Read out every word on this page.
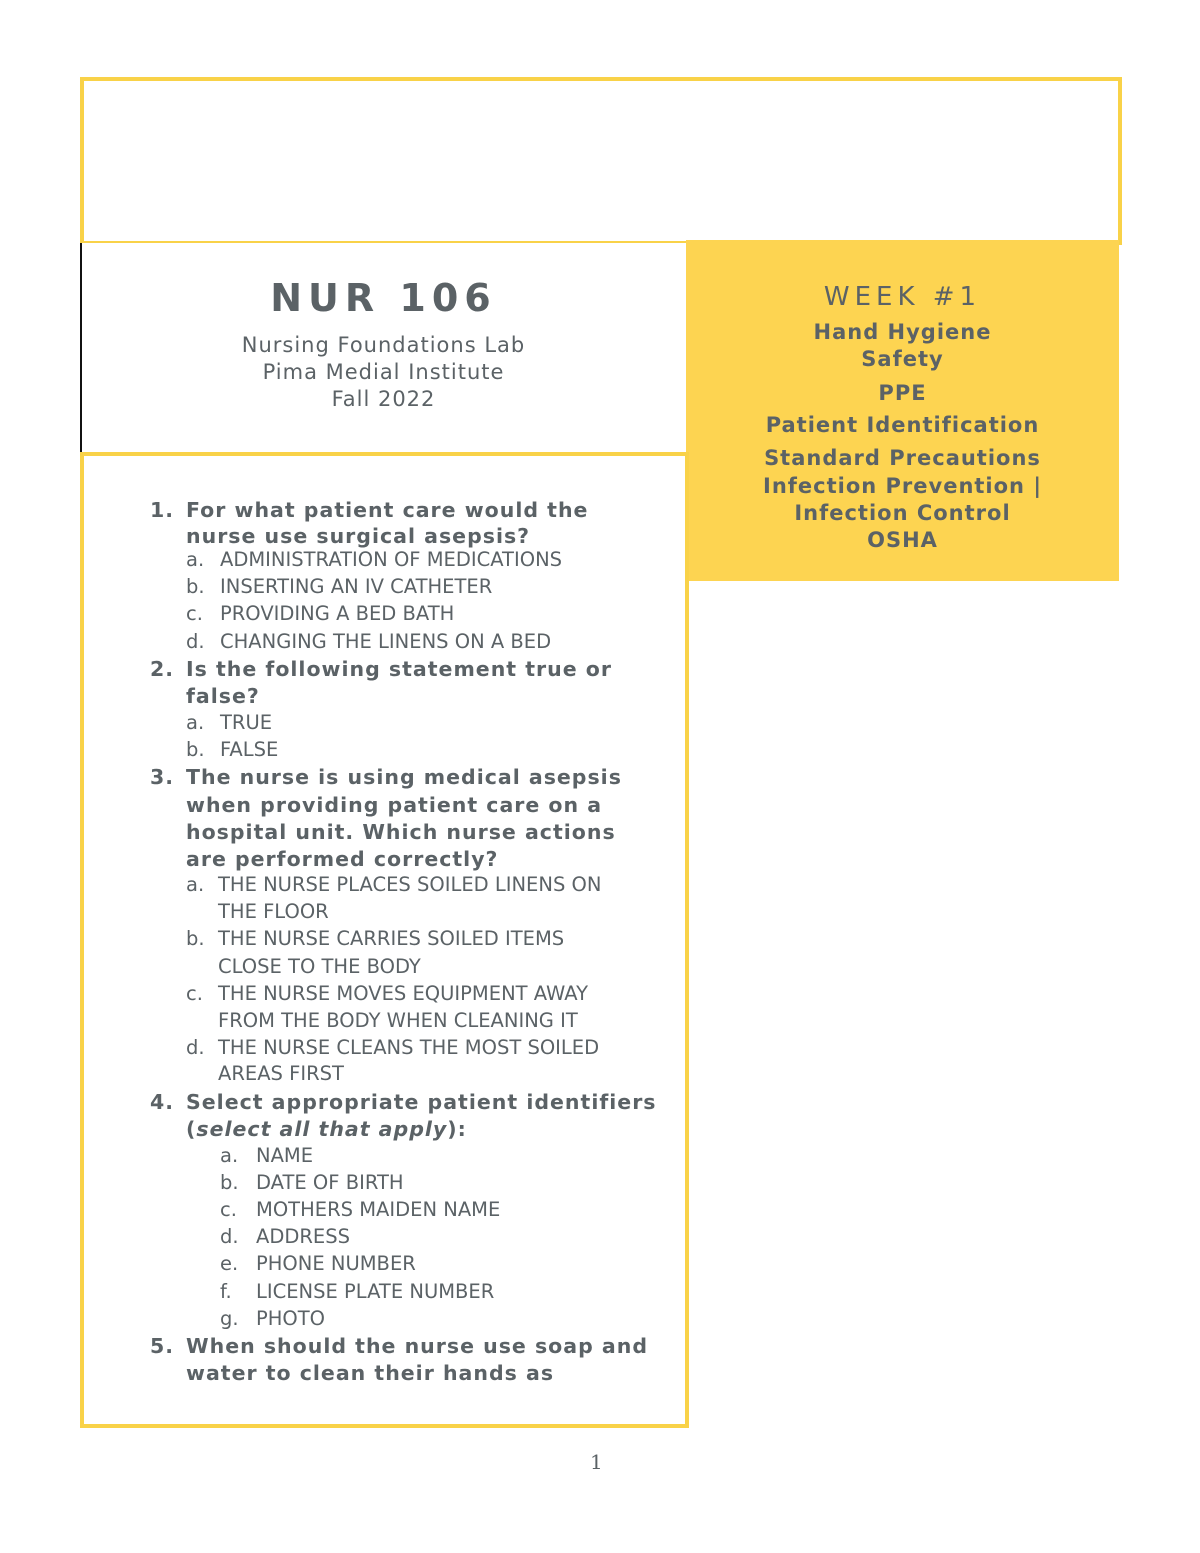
NUR 106
Nursing Foundations Lab
Pima Medial Institute
Fall 2022
WEEK #1
Hand Hygiene
Safety
PPE
Patient Identification
Standard Precautions
Infection Prevention |
Infection Control
OSHA
1. For what patient care would the
nurse use surgical asepsis?
a. ADMINISTRATION OF MEDICATIONS
b. INSERTING AN IV CATHETER
c. PROVIDING A BED BATH
d. CHANGING THE LINENS ON A BED
2. Is the following statement true or
false?
a. TRUE
b. FALSE
3. The nurse is using medical asepsis
when providing patient care on a
hospital unit. Which nurse actions
are performed correctly?
a. THE NURSE PLACES SOILED LINENS ON
THE FLOOR
b. THE NURSE CARRIES SOILED ITEMS
CLOSE TO THE BODY
c. THE NURSE MOVES EQUIPMENT AWAY
FROM THE BODY WHEN CLEANING IT
d. THE NURSE CLEANS THE MOST SOILED
AREAS FIRST
4. Select appropriate patient identifiers
(select all that apply):
a. NAME
b. DATE OF BIRTH
c. MOTHERS MAIDEN NAME
d. ADDRESS
e. PHONE NUMBER
f. LICENSE PLATE NUMBER
g. PHOTO
5. When should the nurse use soap and
water to clean their hands as
1
